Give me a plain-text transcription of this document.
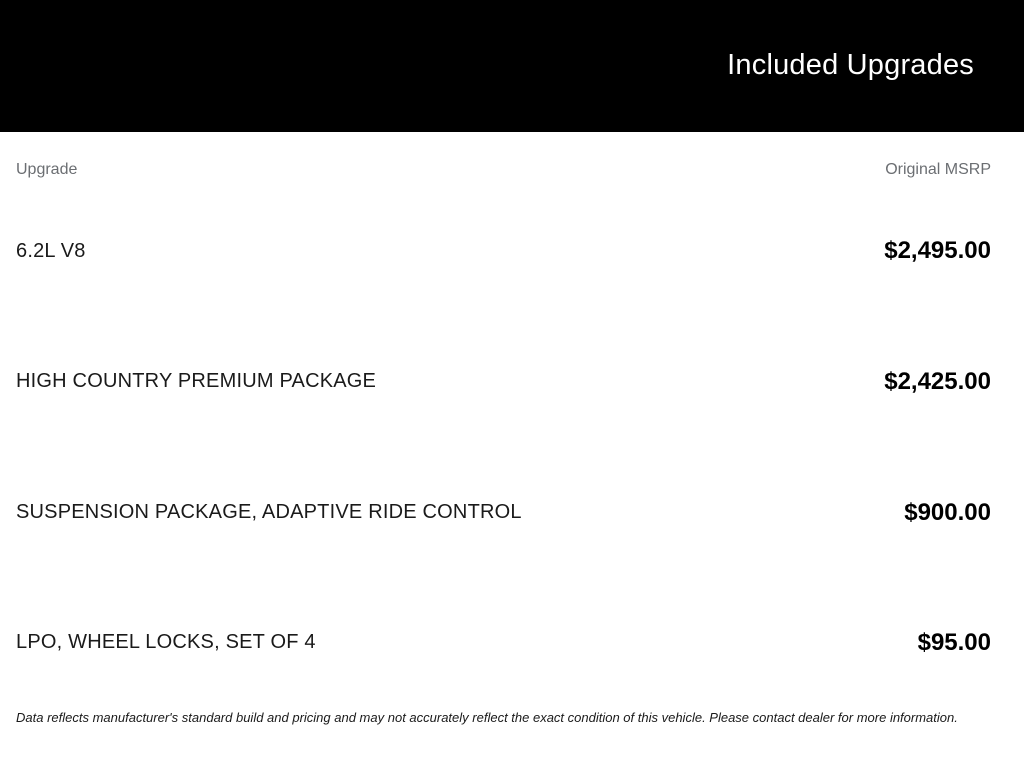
Included Upgrades
Upgrade	Original MSRP
6.2L V8	$2,495.00
HIGH COUNTRY PREMIUM PACKAGE	$2,425.00
SUSPENSION PACKAGE, ADAPTIVE RIDE CONTROL	$900.00
LPO, WHEEL LOCKS, SET OF 4	$95.00

Data reflects manufacturer's standard build and pricing and may not accurately reflect the exact condition of this vehicle. Please contact dealer for more information.
